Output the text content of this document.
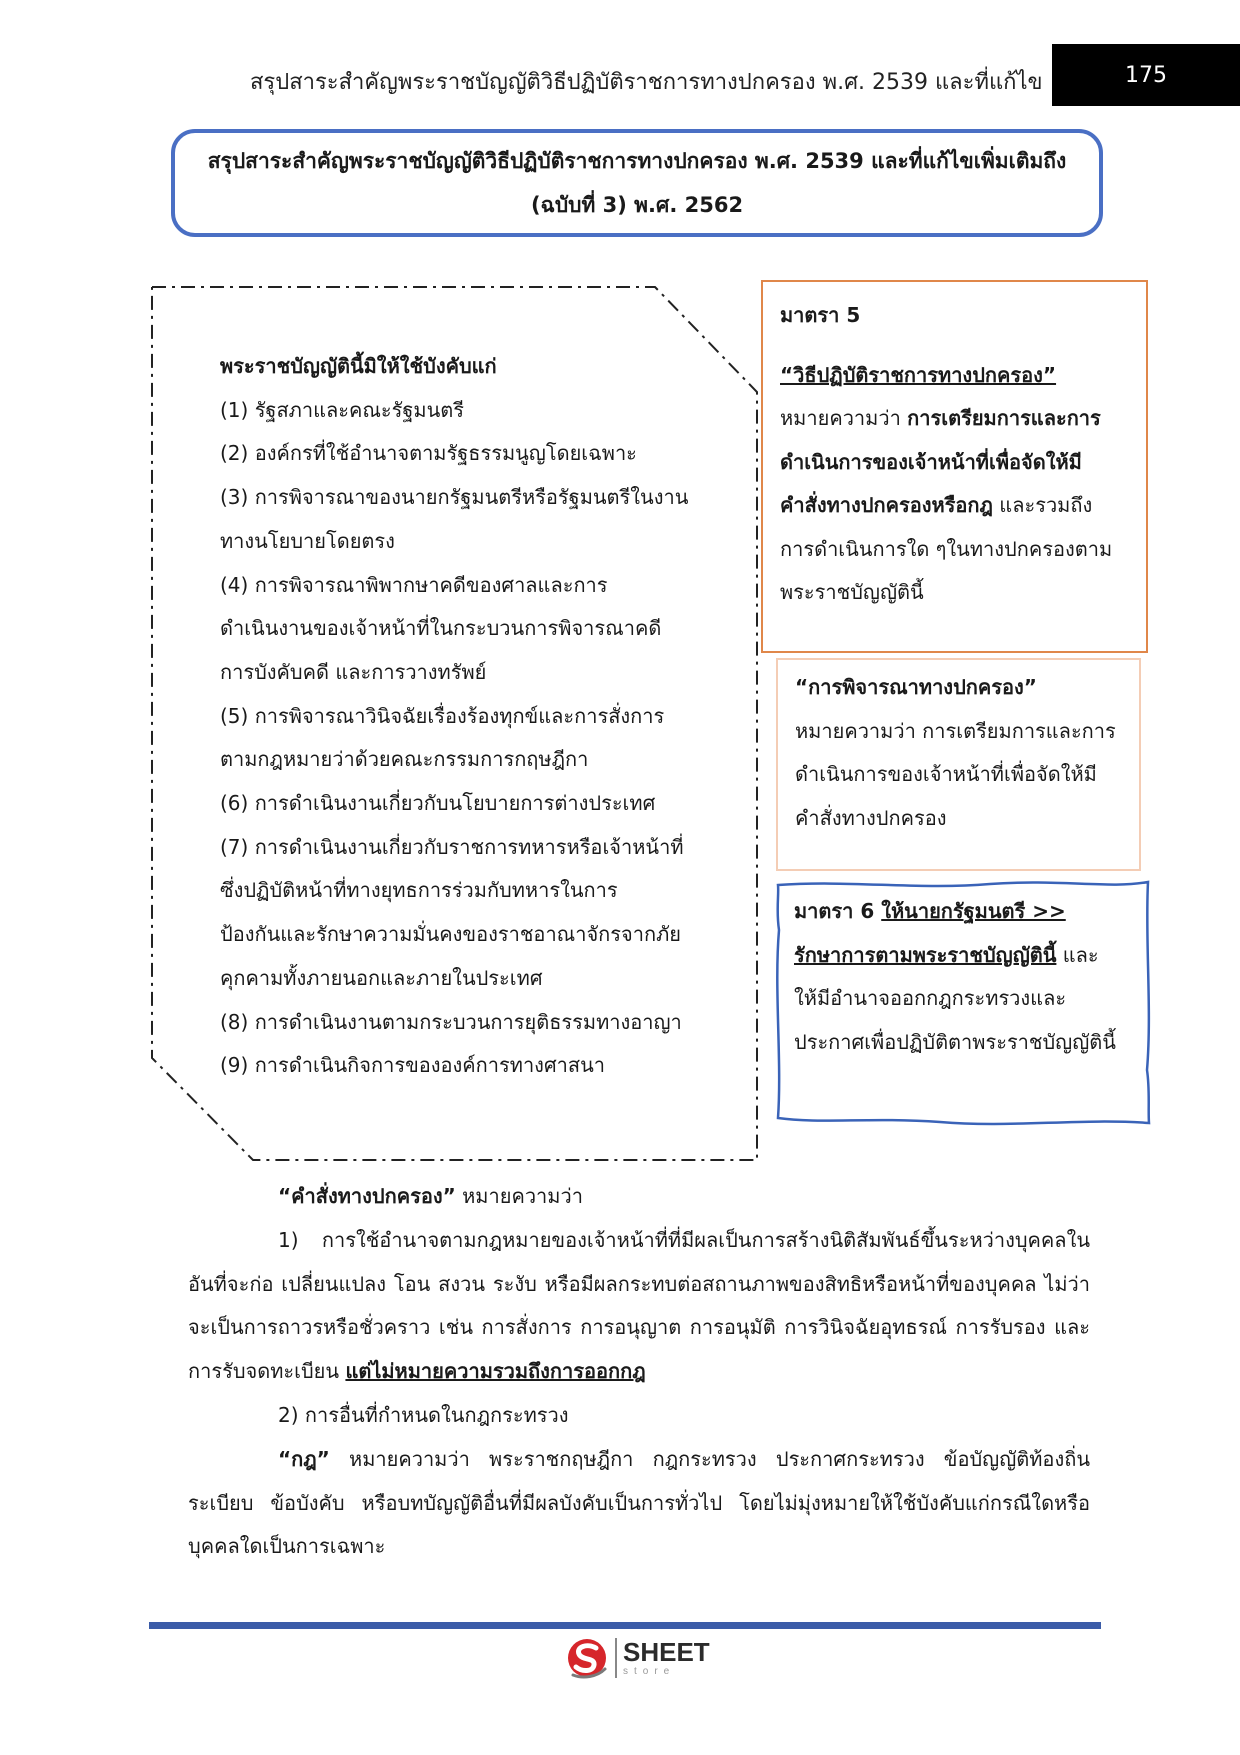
สรุปสาระสำคัญพระราชบัญญัติวิธีปฏิบัติราชการทางปกครอง พ.ศ. 2539 และที่แก้ไข	175
สรุปสาระสำคัญพระราชบัญญัติวิธีปฏิบัติราชการทางปกครอง พ.ศ. 2539 และที่แก้ไขเพิ่มเติมถึง
(ฉบับที่ 3) พ.ศ. 2562
พระราชบัญญัตินี้มิให้ใช้บังคับแก่
(1) รัฐสภาและคณะรัฐมนตรี
(2) องค์กรที่ใช้อำนาจตามรัฐธรรมนูญโดยเฉพาะ
(3) การพิจารณาของนายกรัฐมนตรีหรือรัฐมนตรีในงาน
ทางนโยบายโดยตรง
(4) การพิจารณาพิพากษาคดีของศาลและการ
ดำเนินงานของเจ้าหน้าที่ในกระบวนการพิจารณาคดี
การบังคับคดี และการวางทรัพย์
(5) การพิจารณาวินิจฉัยเรื่องร้องทุกข์และการสั่งการ
ตามกฎหมายว่าด้วยคณะกรรมการกฤษฎีกา
(6) การดำเนินงานเกี่ยวกับนโยบายการต่างประเทศ
(7) การดำเนินงานเกี่ยวกับราชการทหารหรือเจ้าหน้าที่
ซึ่งปฏิบัติหน้าที่ทางยุทธการร่วมกับทหารในการ
ป้องกันและรักษาความมั่นคงของราชอาณาจักรจากภัย
คุกคามทั้งภายนอกและภายในประเทศ
(8) การดำเนินงานตามกระบวนการยุติธรรมทางอาญา
(9) การดำเนินกิจการขององค์การทางศาสนา
มาตรา 5
“วิธีปฏิบัติราชการทางปกครอง”
หมายความว่า การเตรียมการและการ
ดำเนินการของเจ้าหน้าที่เพื่อจัดให้มี
คำสั่งทางปกครองหรือกฎ และรวมถึง
การดำเนินการใด ๆในทางปกครองตาม
พระราชบัญญัตินี้
“การพิจารณาทางปกครอง”
หมายความว่า การเตรียมการและการ
ดำเนินการของเจ้าหน้าที่เพื่อจัดให้มี
คำสั่งทางปกครอง
มาตรา 6 ให้นายกรัฐมนตรี >>
รักษาการตามพระราชบัญญัตินี้ และ
ให้มีอำนาจออกกฎกระทรวงและ
ประกาศเพื่อปฏิบัติตาพระราชบัญญัตินี้

“คำสั่งทางปกครอง” หมายความว่า

1) การใช้อำนาจตามกฎหมายของเจ้าหน้าที่ที่มีผลเป็นการสร้างนิติสัมพันธ์ขึ้นระหว่างบุคคลในอันที่จะก่อ เปลี่ยนแปลง โอน สงวน ระงับ หรือมีผลกระทบต่อสถานภาพของสิทธิหรือหน้าที่ของบุคคล ไม่ว่าจะเป็นการถาวรหรือชั่วคราว เช่น การสั่งการ การอนุญาต การอนุมัติ การวินิจฉัยอุทธรณ์ การรับรอง และการรับจดทะเบียน แต่ไม่หมายความรวมถึงการออกกฎ

2) การอื่นที่กำหนดในกฎกระทรวง

“กฎ” หมายความว่า พระราชกฤษฎีกา กฎกระทรวง ประกาศกระทรวง ข้อบัญญัติท้องถิ่น ระเบียบ ข้อบังคับ หรือบทบัญญัติอื่นที่มีผลบังคับเป็นการทั่วไป โดยไม่มุ่งหมายให้ใช้บังคับแก่กรณีใดหรือบุคคลใดเป็นการเฉพาะ

SHEET
store
